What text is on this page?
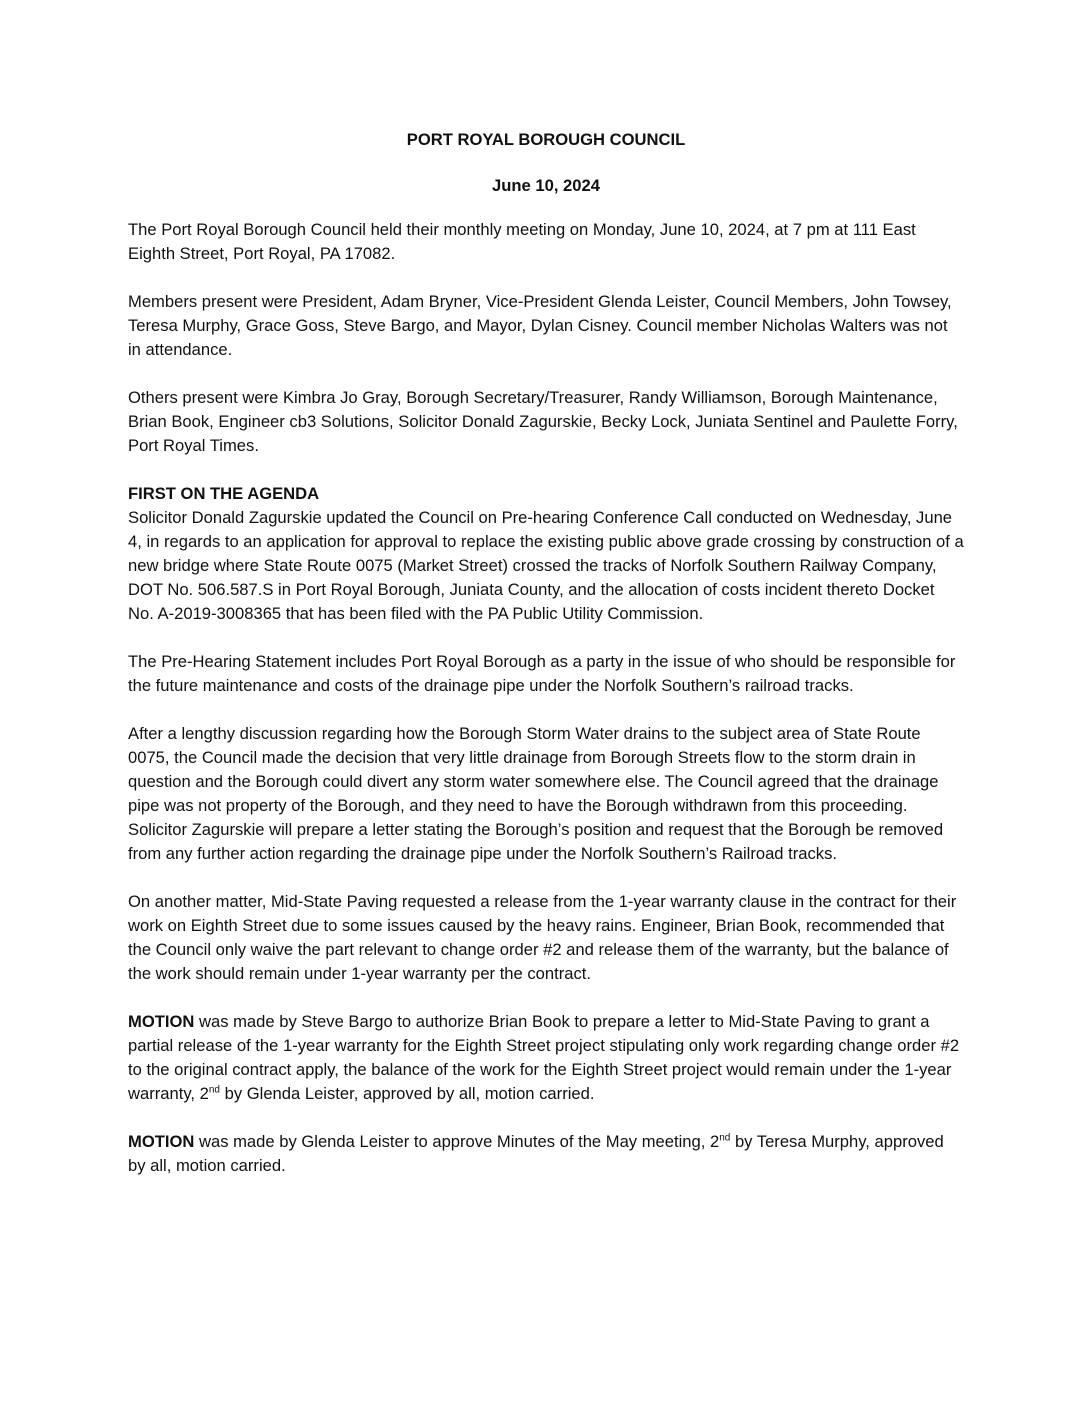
PORT ROYAL BOROUGH COUNCIL

June 10, 2024

The Port Royal Borough Council held their monthly meeting on Monday, June 10, 2024, at 7 pm at 111 East Eighth Street, Port Royal, PA 17082.

Members present were President, Adam Bryner, Vice-President Glenda Leister, Council Members, John Towsey, Teresa Murphy, Grace Goss, Steve Bargo, and Mayor, Dylan Cisney. Council member Nicholas Walters was not in attendance.

Others present were Kimbra Jo Gray, Borough Secretary/Treasurer, Randy Williamson, Borough Maintenance, Brian Book, Engineer cb3 Solutions, Solicitor Donald Zagurskie, Becky Lock, Juniata Sentinel and Paulette Forry, Port Royal Times.

FIRST ON THE AGENDA
Solicitor Donald Zagurskie updated the Council on Pre-hearing Conference Call conducted on Wednesday, June 4, in regards to an application for approval to replace the existing public above grade crossing by construction of a new bridge where State Route 0075 (Market Street) crossed the tracks of Norfolk Southern Railway Company, DOT No. 506.587.S in Port Royal Borough, Juniata County, and the allocation of costs incident thereto Docket No. A-2019-3008365 that has been filed with the PA Public Utility Commission.

The Pre-Hearing Statement includes Port Royal Borough as a party in the issue of who should be responsible for the future maintenance and costs of the drainage pipe under the Norfolk Southern’s railroad tracks.

After a lengthy discussion regarding how the Borough Storm Water drains to the subject area of State Route 0075, the Council made the decision that very little drainage from Borough Streets flow to the storm drain in question and the Borough could divert any storm water somewhere else. The Council agreed that the drainage pipe was not property of the Borough, and they need to have the Borough withdrawn from this proceeding. Solicitor Zagurskie will prepare a letter stating the Borough’s position and request that the Borough be removed from any further action regarding the drainage pipe under the Norfolk Southern’s Railroad tracks.

On another matter, Mid-State Paving requested a release from the 1-year warranty clause in the contract for their work on Eighth Street due to some issues caused by the heavy rains. Engineer, Brian Book, recommended that the Council only waive the part relevant to change order #2 and release them of the warranty, but the balance of the work should remain under 1-year warranty per the contract.

MOTION was made by Steve Bargo to authorize Brian Book to prepare a letter to Mid-State Paving to grant a partial release of the 1-year warranty for the Eighth Street project stipulating only work regarding change order #2 to the original contract apply, the balance of the work for the Eighth Street project would remain under the 1-year warranty, 2nd by Glenda Leister, approved by all, motion carried.

MOTION was made by Glenda Leister to approve Minutes of the May meeting, 2nd by Teresa Murphy, approved by all, motion carried.
